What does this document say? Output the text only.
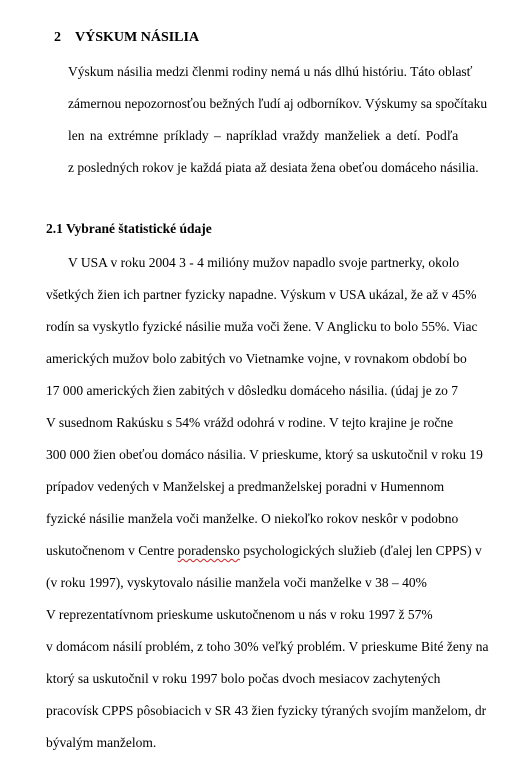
2 VÝSKUM NÁSILIA
Výskum násilia medzi členmi rodiny nemá u nás dlhú históriu. Táto oblasť
zámernou nepozornosťou bežných ľudí aj odborníkov. Výskumy sa spočítaku
len na extrémne príklady – napríklad vraždy manželiek a detí. Podľa
z posledných rokov je každá piata až desiata žena obeťou domáceho násilia.
2.1 Vybrané štatistické údaje
V USA v roku 2004 3 - 4 milióny mužov napadlo svoje partnerky, okolo
všetkých žien ich partner fyzicky napadne. Výskum v USA ukázal, že až v 45%
rodín sa vyskytlo fyzické násilie muža voči žene. V Anglicku to bolo 55%. Viac
amerických mužov bolo zabitých vo Vietnamke vojne, v rovnakom období bo
17 000 amerických žien zabitých v dôsledku domáceho násilia. (údaj je zo 7
V susednom Rakúsku s 54% vrážd odohrá v rodine. V tejto krajine je ročne
300 000 žien obeťou domáco násilia. V prieskume, ktorý sa uskutočnil v roku 19
prípadov vedených v Manželskej a predmanželskej poradni v Humennom
fyzické násilie manžela voči manželke. O niekoľko rokov neskôr v podobno
uskutočnenom v Centre poradensko psychologických služieb (ďalej len CPPS) v
(v roku 1997), vyskytovalo násilie manžela voči manželke v 38 – 40%
V reprezentatívnom prieskume uskutočnenom u nás v roku 1997 ž 57%
v domácom násilí problém, z toho 30% veľký problém. V prieskume Bité ženy na
ktorý sa uskutočnil v roku 1997 bolo počas dvoch mesiacov zachytených
pracovísk CPPS pôsobiacich v SR 43 žien fyzicky týraných svojím manželom, dr
bývalým manželom.
